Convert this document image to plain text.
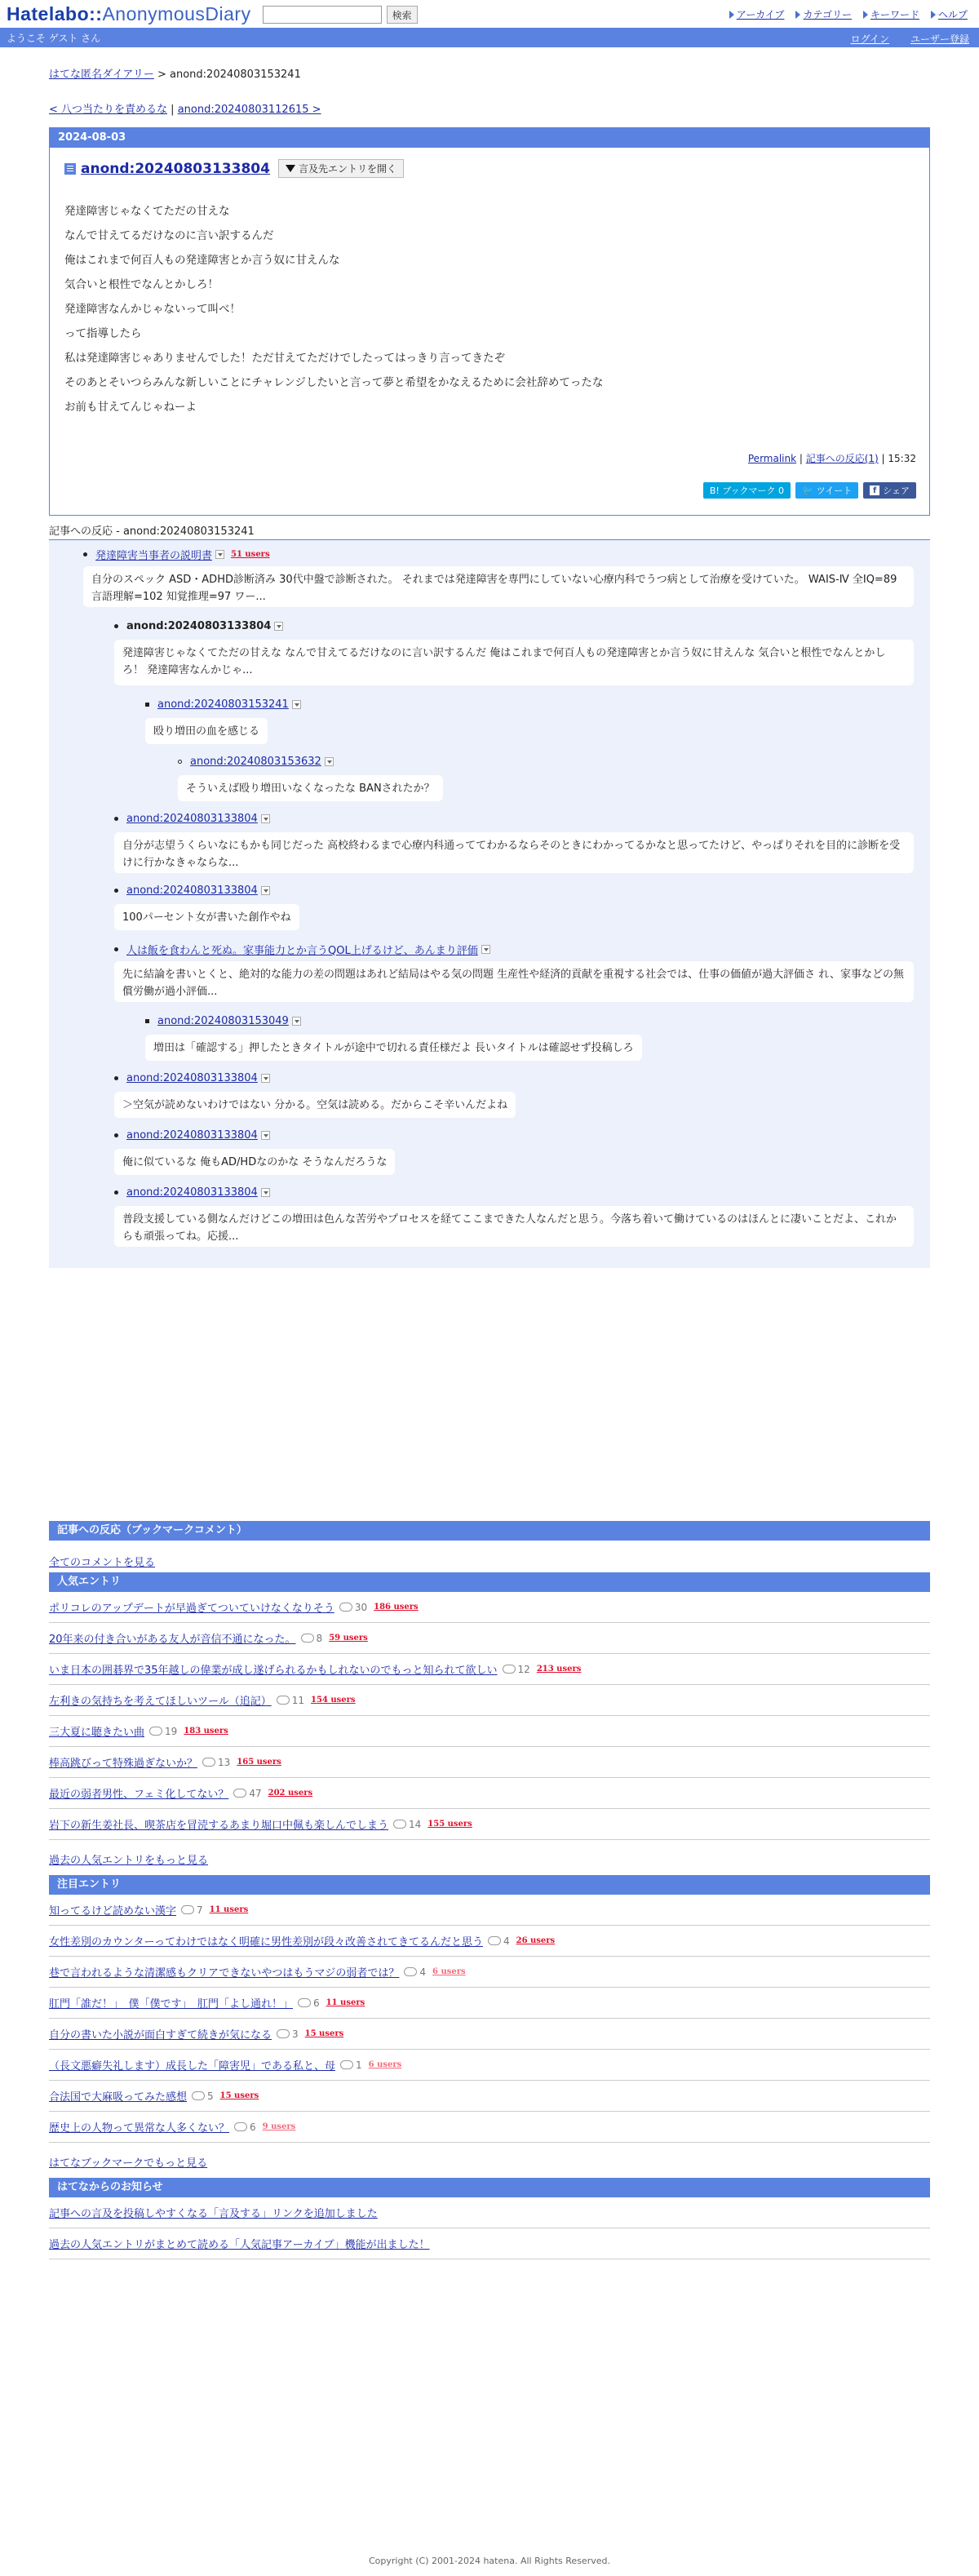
Hatelabo::AnonymousDiary	検索	アーカイブ	カテゴリー	キーワード	ヘルプ
ようこそ ゲスト さん	ログイン ユーザー登録
はてな匿名ダイアリー > anond:20240803153241
< 八つ当たりを責めるな | anond:20240803112615 >
2024-08-03
anond:20240803133804	言及先エントリを開く

発達障害じゃなくてただの甘えな

なんで甘えてるだけなのに言い訳するんだ

俺はこれまで何百人もの発達障害とか言う奴に甘えんな

気合いと根性でなんとかしろ！

発達障害なんかじゃないって叫べ！

って指導したら

私は発達障害じゃありませんでした！ただ甘えてただけでしたってはっきり言ってきたぞ

そのあとそいつらみんな新しいことにチャレンジしたいと言って夢と希望をかなえるために会社辞めてったな

お前も甘えてんじゃねーよ

Permalink | 記事への反応(1) | 15:32
B! ブックマーク 0	🐦 ツイート	f シェア
記事への反応 - anond:20240803153241
発達障害当事者の説明書 51 users
自分のスペック ASD・ADHD診断済み 30代中盤で診断された。 それまでは発達障害を専門にしていない心療内科でうつ病として治療を受けていた。 WAIS-Ⅳ 全IQ=89 言語理解=102 知覚推理=97 ワー...
anond:20240803133804
発達障害じゃなくてただの甘えな なんで甘えてるだけなのに言い訳するんだ 俺はこれまで何百人もの発達障害とか言う奴に甘えんな 気合いと根性でなんとかしろ！ 発達障害なんかじゃ...
anond:20240803153241
殴り増田の血を感じる
anond:20240803153632
そういえば殴り増田いなくなったな BANされたか？
anond:20240803133804
自分が志望うくらいなにもかも同じだった 高校終わるまで心療内科通っててわかるならそのときにわかってるかなと思ってたけど、やっぱりそれを目的に診断を受けに行かなきゃならな...
anond:20240803133804
100パーセント女が書いた創作やね
人は飯を食わんと死ぬ。家事能力とか言うQOL上げるけど、あんまり評価
先に結論を書いとくと、絶対的な能力の差の問題はあれど結局はやる気の問題 生産性や経済的貢献を重視する社会では、仕事の価値が過大評価さ れ、家事などの無償労働が過小評価...
anond:20240803153049
増田は「確認する」押したときタイトルが途中で切れる責任様だよ 長いタイトルは確認せず投稿しろ
anond:20240803133804
＞空気が読めないわけではない 分かる。空気は読める。だからこそ辛いんだよね
anond:20240803133804
俺に似ているな 俺もAD/HDなのかな そうなんだろうな
anond:20240803133804
普段支援している側なんだけどこの増田は色んな苦労やプロセスを経てここまできた人なんだと思う。今落ち着いて働けているのはほんとに凄いことだよ、これからも頑張ってね。応援...
記事への反応（ブックマークコメント）
全てのコメントを見る
人気エントリ
ポリコレのアップデートが早過ぎてついていけなくなりそう 30 186 users
20年来の付き合いがある友人が音信不通になった。 8 59 users
いま日本の囲碁界で35年越しの偉業が成し遂げられるかもしれないのでもっと知られて欲しい 12 213 users
左利きの気持ちを考えてほしいツール（追記） 11 154 users
三大夏に聴きたい曲 19 183 users
棒高跳びって特殊過ぎないか？ 13 165 users
最近の弱者男性、フェミ化してない？ 47 202 users
岩下の新生姜社長、喫茶店を冒涜するあまり堀口中佩も楽しんでしまう 14 155 users
過去の人気エントリをもっと見る
注目エントリ
知ってるけど読めない漢字 7 11 users
女性差別のカウンターってわけではなく明確に男性差別が段々改善されてきてるんだと思う 4 26 users
巷で言われるような清潔感もクリアできないやつはもうマジの弱者では？ 4 6 users
肛門「誰だ！」　僕「僕です」　肛門「よし通れ！」 6 11 users
自分の書いた小説が面白すぎて続きが気になる 3 15 users
（長文悪癖失礼します）成長した「障害児」である私と、母 1 6 users
合法国で大麻吸ってみた感想 5 15 users
歴史上の人物って異常な人多くない？ 6 9 users
はてなブックマークでもっと見る
はてなからのお知らせ
記事への言及を投稿しやすくなる「言及する」リンクを追加しました
過去の人気エントリがまとめて読める「人気記事アーカイブ」機能が出ました！
Copyright (C) 2001-2024 hatena. All Rights Reserved.
